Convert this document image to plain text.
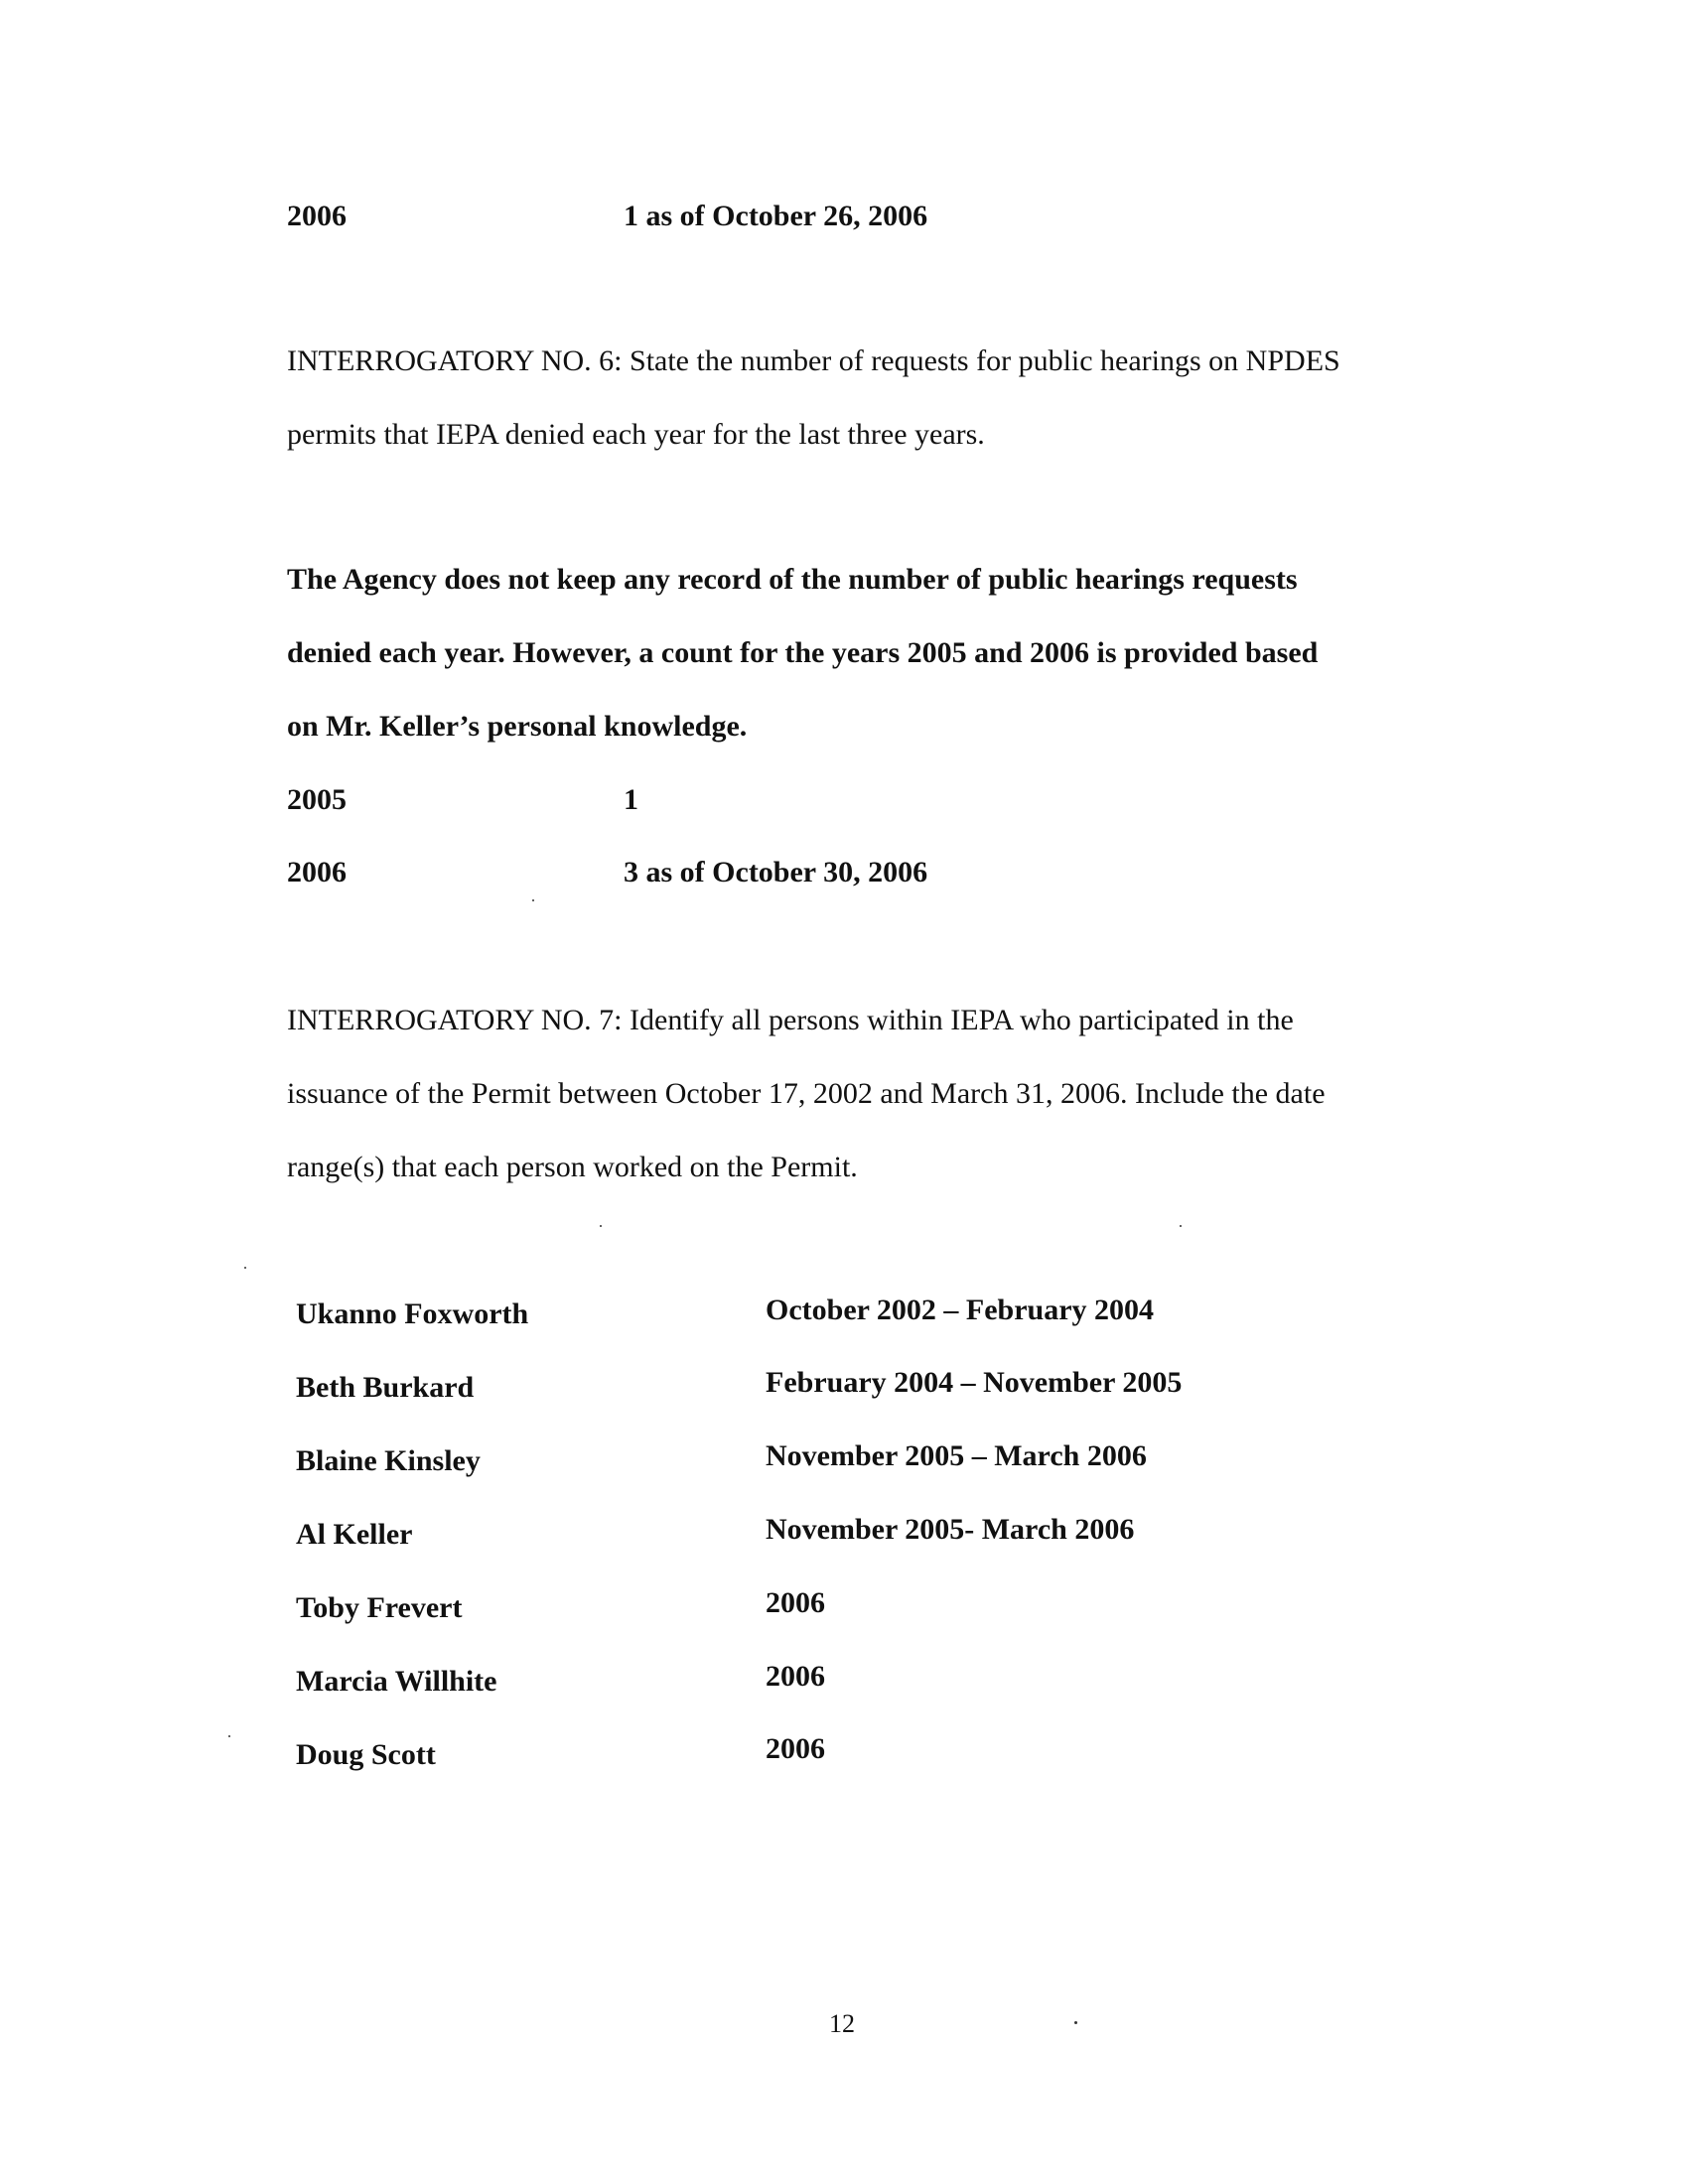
2006	1 as of October 26, 2006
INTERROGATORY NO. 6: State the number of requests for public hearings on NPDES
permits that IEPA denied each year for the last three years.
The Agency does not keep any record of the number of public hearings requests
denied each year. However, a count for the years 2005 and 2006 is provided based
on Mr. Keller’s personal knowledge.
2005	1
2006	3 as of October 30, 2006
INTERROGATORY NO. 7: Identify all persons within IEPA who participated in the
issuance of the Permit between October 17, 2002 and March 31, 2006. Include the date
range(s) that each person worked on the Permit.
Ukanno Foxworth	October 2002 – February 2004
Beth Burkard	February 2004 – November 2005
Blaine Kinsley	November 2005 – March 2006
Al Keller	November 2005- March 2006
Toby Frevert	2006
Marcia Willhite	2006
Doug Scott	2006
12
